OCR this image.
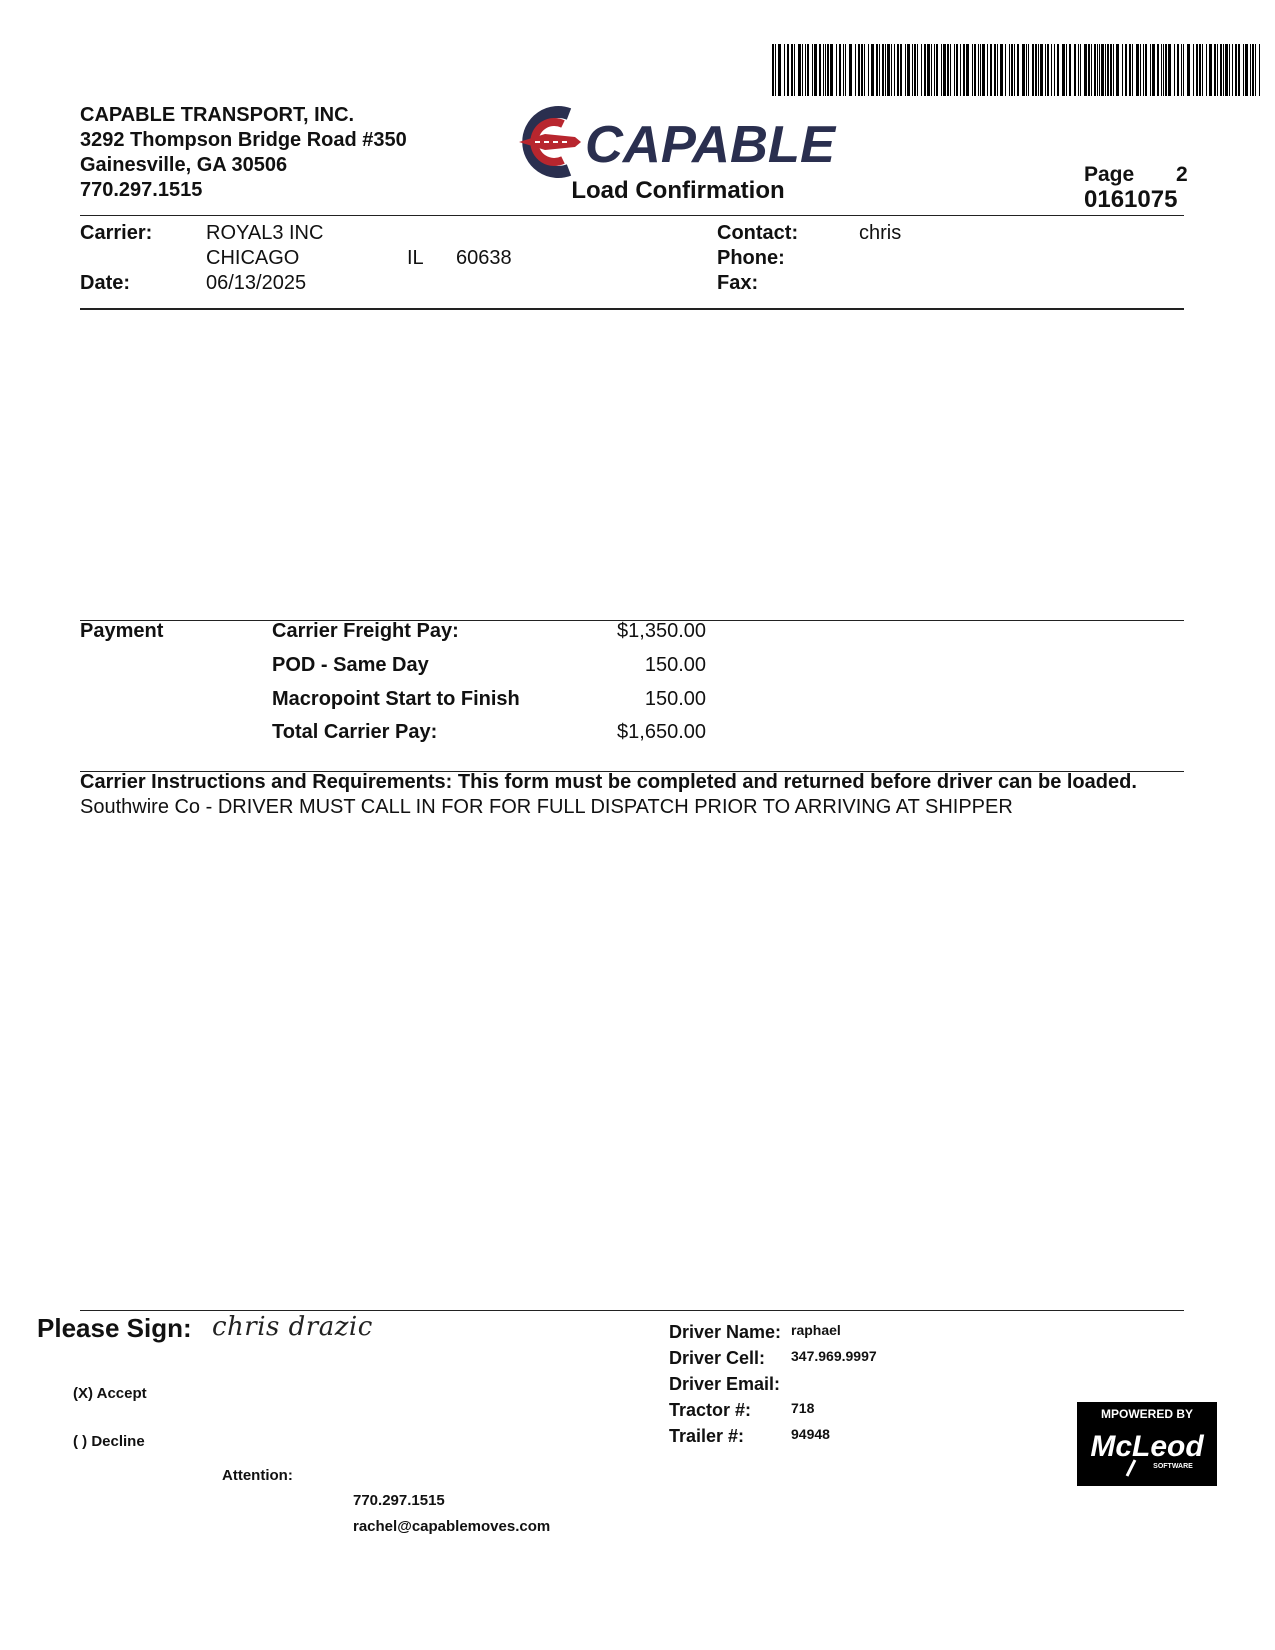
CAPABLE TRANSPORT, INC.
3292 Thompson Bridge Road #350
Gainesville, GA 30506
770.297.1515
CAPABLE
Load Confirmation
Page 2
0161075
Carrier:	ROYAL3 INC
CHICAGO	IL 60638
Date:	06/13/2025
Contact:	chris
Phone:
Fax:
Payment	Carrier Freight Pay:	$1,350.00
POD - Same Day	150.00
Macropoint Start to Finish	150.00
Total Carrier Pay:	$1,650.00
Carrier Instructions and Requirements: This form must be completed and returned before driver can be loaded.
Southwire Co - DRIVER MUST CALL IN FOR FOR FULL DISPATCH PRIOR TO ARRIVING AT SHIPPER
Please Sign: chris drazic
(X) Accept
( ) Decline
Attention:
770.297.1515
rachel@capablemoves.com
Driver Name: raphael
Driver Cell: 347.969.9997
Driver Email:
Tractor #:	718
Trailer #:	94948
MPOWERED BY
McLeod
SOFTWARE
